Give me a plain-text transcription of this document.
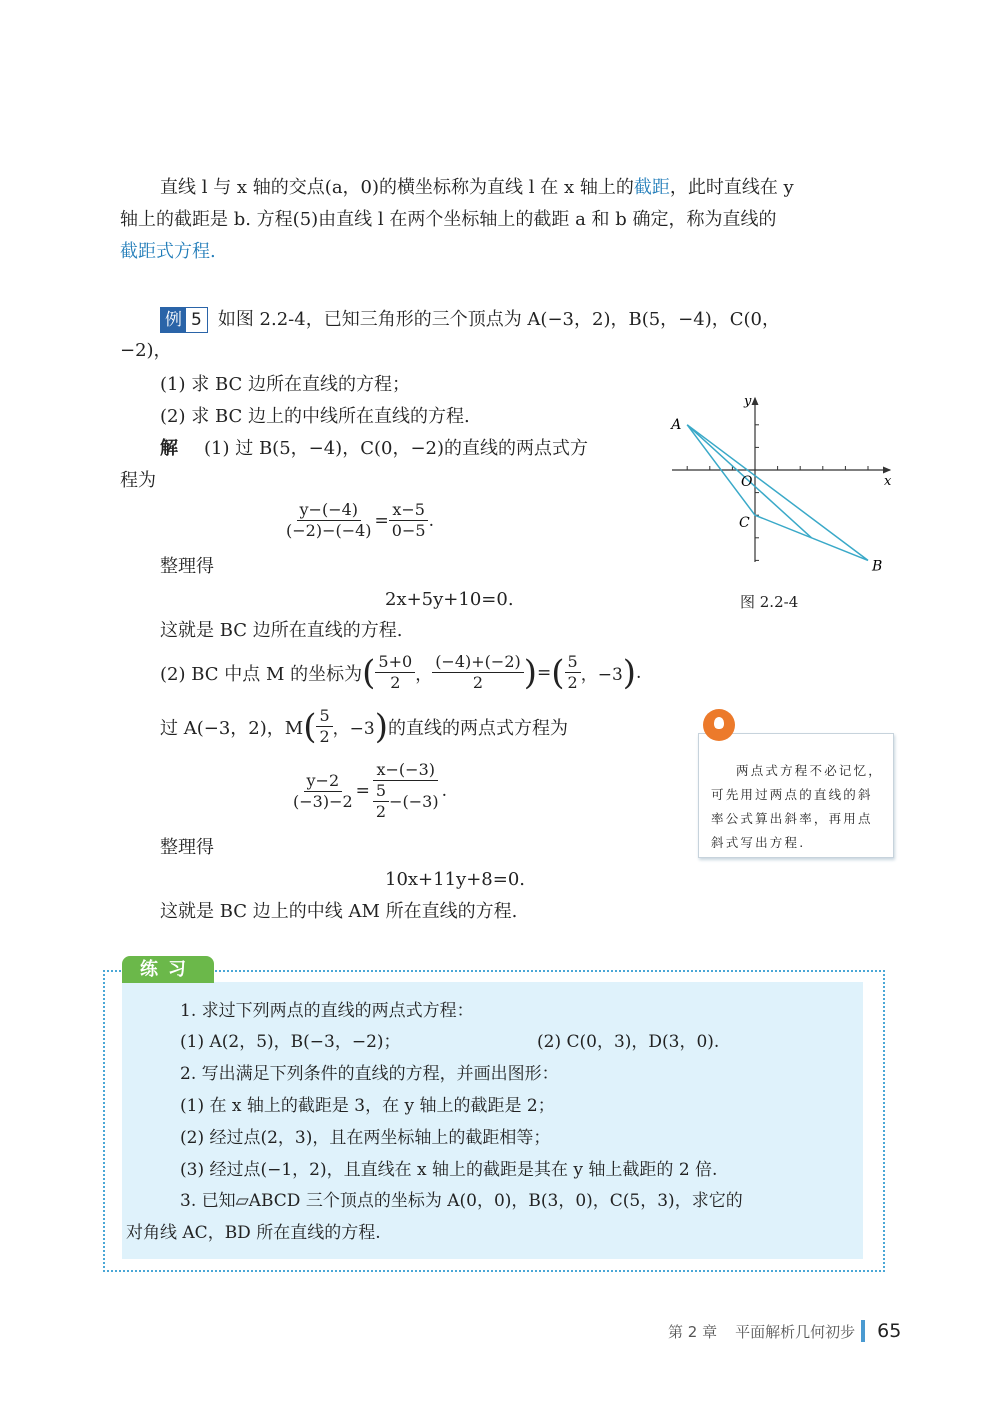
直线 l 与 x 轴的交点(a，0)的横坐标称为直线 l 在 x 轴上的截距，此时直线在 y
轴上的截距是 b. 方程(5)由直线 l 在两个坐标轴上的截距 a 和 b 确定，称为直线的
截距式方程.
例 5 如图 2.2-4，已知三角形的三个顶点为 A(−3，2)，B(5，−4)，C(0，
−2)，
(1) 求 BC 边所在直线的方程；
(2) 求 BC 边上的中线所在直线的方程.
解 (1) 过 B(5，−4)，C(0，−2)的直线的两点式方
程为
$\frac{y-(-4)}{(-2)-(-4)} = \frac{x-5}{0-5}$ .
整理得
2x+5y+10=0.
这就是 BC 边所在直线的方程.
(2) BC 中点 M 的坐标为 ( $\frac{5+0}{2}$ ， $\frac{(-4)+(-2)}{2}$ ) = ( $\frac{5}{2}$ ，−3 ) .
过 A(−3，2)，M ( $\frac{5}{2}$ ，−3 ) 的直线的两点式方程为
$\frac{y-2}{(-3)-2} = \frac{x-(-3)}{\frac{5}{2} -(-3)}$ .
整理得
10x+11y+8=0.
这就是 BC 边上的中线 AM 所在直线的方程.
y
x
O
A
B
C
图 2.2-4

两点式方程不必记忆，可先用过两点的直线的斜率公式算出斜率，再用点斜式写出方程.

练习
1. 求过下列两点的直线的两点式方程：
(1) A(2，5)，B(−3，−2)；	(2) C(0，3)，D(3，0).
2. 写出满足下列条件的直线的方程，并画出图形：
(1) 在 x 轴上的截距是 3，在 y 轴上的截距是 2；
(2) 经过点(2，3)，且在两坐标轴上的截距相等；
(3) 经过点(−1，2)，且直线在 x 轴上的截距是其在 y 轴上截距的 2 倍.
3. 已知▱ABCD 三个顶点的坐标为 A(0，0)，B(3，0)，C(5，3)，求它的
对角线 AC，BD 所在直线的方程.
第 2 章 平面解析几何初步 65
